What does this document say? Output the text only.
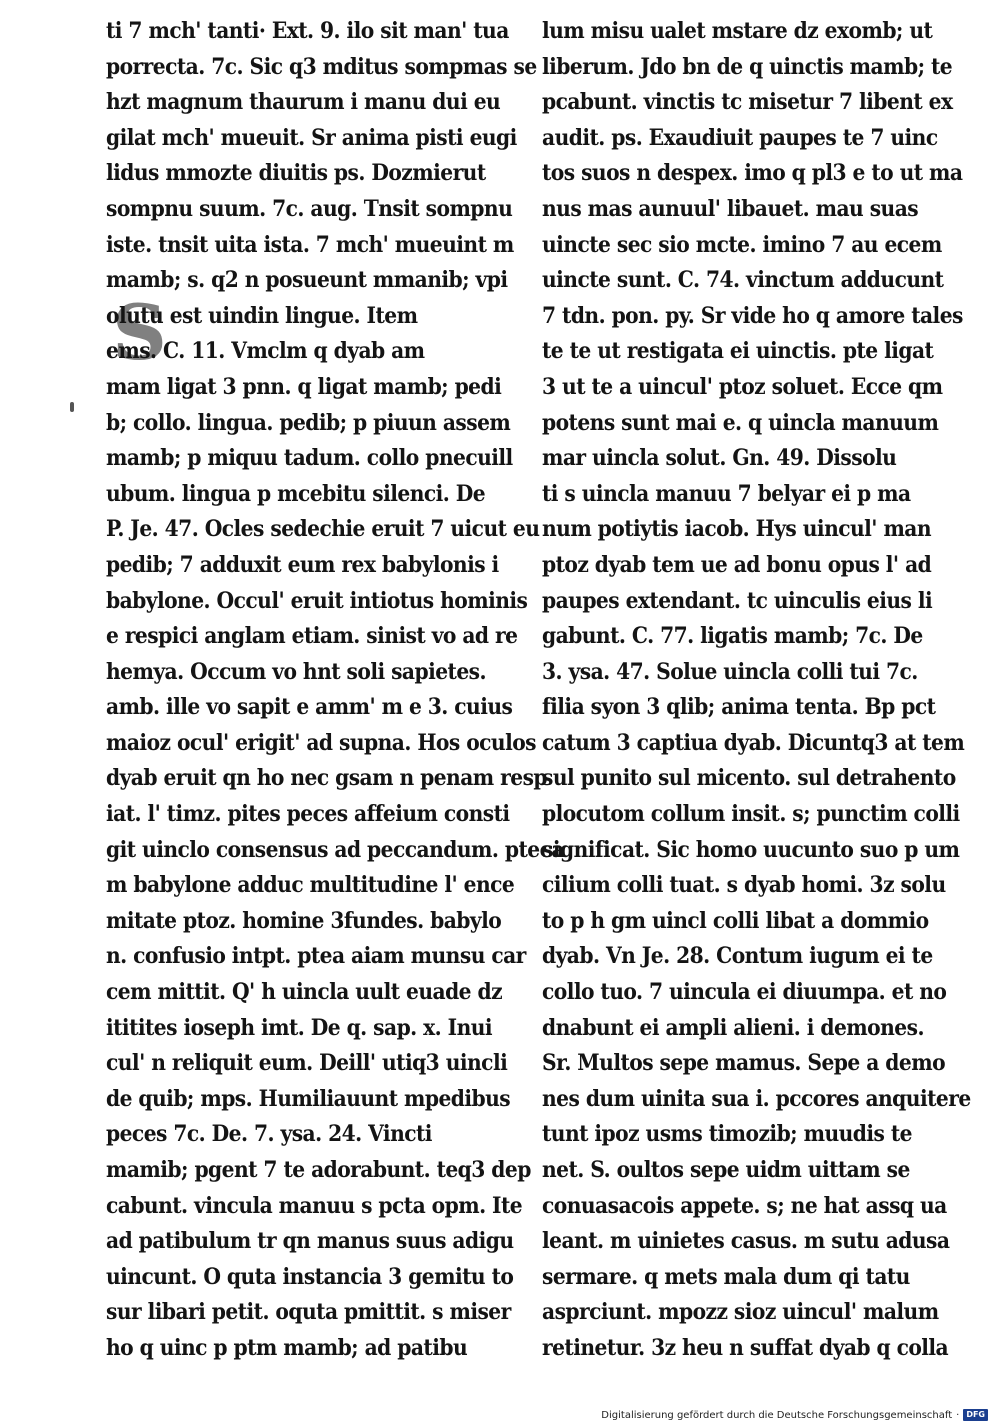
S
ti 7 mch' tanti· Ext. 9. ilo sit man' tua
porrecta. 7c. Sic q3 mditus sompmas se
hzt magnum thaurum i manu dui eu
gilat mch' mueuit. Sr anima pisti eugi
lidus mmozte diuitis ps. Dozmierut
sompnu suum. 7c. aug. Tnsit sompnu
iste. tnsit uita ista. 7 mch' mueuint m
mamb; s. q2 n posueunt mmanib; vpi
olutu est uindin lingue. Item
ems. C. 11. Vmclm q dyab am
mam ligat 3 pnn. q ligat mamb; pedi
b; collo. lingua. pedib; p piuun assem
mamb; p miquu tadum. collo pnecuill
ubum. lingua p mcebitu silenci. De
P. Je. 47. Ocles sedechie eruit 7 uicut eu
pedib; 7 adduxit eum rex babylonis i
babylone. Occul' eruit intiotus hominis
e respici anglam etiam. sinist vo ad re
hemya. Occum vo hnt soli sapietes.
amb. ille vo sapit e amm' m e 3. cuius
maioz ocul' erigit' ad supna. Hos oculos
dyab eruit qn ho nec gsam n penam resp
iat. l' timz. pites peces affeium consti
git uinclo consensus ad peccandum. pteca
m babylone adduc multitudine l' ence
mitate ptoz. homine 3fundes. babylo
n. confusio intpt. ptea aiam munsu car
cem mittit. Q' h uincla uult euade dz
ititites ioseph imt. De q. sap. x. Inui
cul' n reliquit eum. Deill' utiq3 uincli
de quib; mps. Humiliauunt mpedibus
peces 7c. De. 7. ysa. 24. Vincti
mamib; pgent 7 te adorabunt. teq3 dep
cabunt. vincula manuu s pcta opm. Ite
ad patibulum tr qn manus suus adigu
uincunt. O quta instancia 3 gemitu to
sur libari petit. oquta pmittit. s miser
ho q uinc p ptm mamb; ad patibu
lum misu ualet mstare dz exomb; ut
liberum. Jdo bn de q uinctis mamb; te
pcabunt. vinctis tc misetur 7 libent ex
audit. ps. Exaudiuit paupes te 7 uinc
tos suos n despex. imo q pl3 e to ut ma
nus mas aunuul' libauet. mau suas
uincte sec sio mcte. imino 7 au ecem
uincte sunt. C. 74. vinctum adducunt
7 tdn. pon. py. Sr vide ho q amore tales
te te ut restigata ei uinctis. pte ligat
3 ut te a uincul' ptoz soluet. Ecce qm
potens sunt mai e. q uincla manuum
mar uincla solut. Gn. 49. Dissolu
ti s uincla manuu 7 belyar ei p ma
num potiytis iacob. Hys uincul' man
ptoz dyab tem ue ad bonu opus l' ad
paupes extendant. tc uinculis eius li
gabunt. C. 77. ligatis mamb; 7c. De
3. ysa. 47. Solue uincla colli tui 7c.
filia syon 3 qlib; anima tenta. Bp pct
catum 3 captiua dyab. Dicuntq3 at tem
sul punito sul micento. sul detrahento
plocutom collum insit. s; punctim colli
significat. Sic homo uucunto suo p um
cilium colli tuat. s dyab homi. 3z solu
to p h gm uincl colli libat a dommio
dyab. Vn Je. 28. Contum iugum ei te
collo tuo. 7 uincula ei diuumpa. et no
dnabunt ei ampli alieni. i demones.
Sr. Multos sepe mamus. Sepe a demo
nes dum uinita sua i. pccores anquitere
tunt ipoz usms timozib; muudis te
net. S. oultos sepe uidm uittam se
conuasacois appete. s; ne hat assq ua
leant. m uinietes casus. m sutu adusa
sermare. q mets mala dum qi tatu
asprciunt. mpozz sioz uincul' malum
retinetur. 3z heu n suffat dyab q colla
Digitalisierung gefördert durch die Deutsche Forschungsgemeinschaft · DFG
